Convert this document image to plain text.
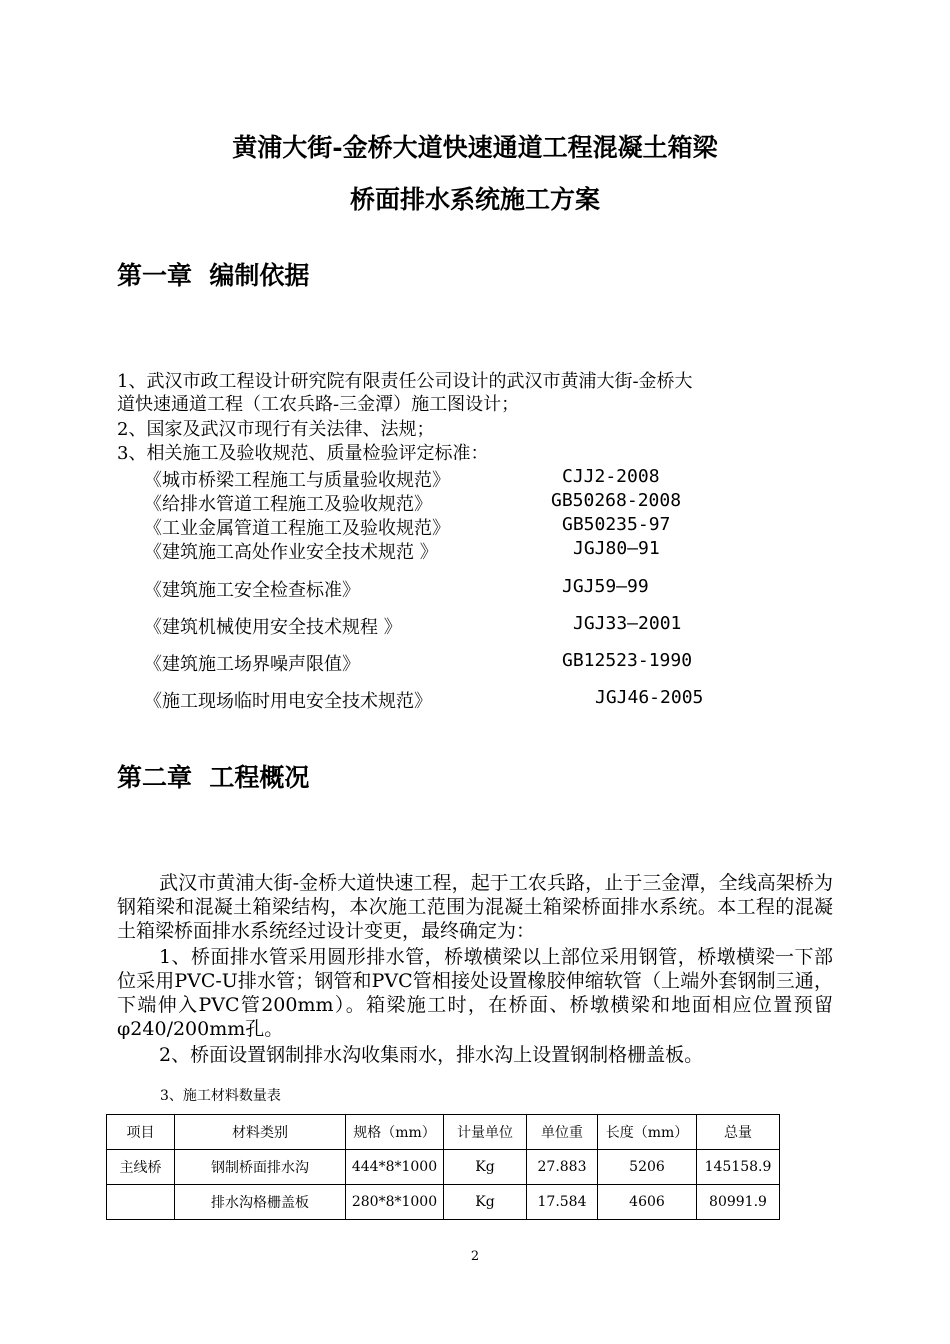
黄浦大街-金桥大道快速通道工程混凝土箱梁
桥面排水系统施工方案
第一章  编制依据
1、武汉市政工程设计研究院有限责任公司设计的武汉市黄浦大街-金桥大
道快速通道工程（工农兵路-三金潭）施工图设计；
2、国家及武汉市现行有关法律、法规；
3、相关施工及验收规范、质量检验评定标准：
《城市桥梁工程施工与质量验收规范》	CJJ2-2008
《给排水管道工程施工及验收规范》	GB50268-2008
《工业金属管道工程施工及验收规范》	GB50235-97
《建筑施工高处作业安全技术规范 》	JGJ80—91
《建筑施工安全检查标准》	JGJ59—99
《建筑机械使用安全技术规程 》	JGJ33—2001
《建筑施工场界噪声限值》	GB12523-1990
《施工现场临时用电安全技术规范》	JGJ46-2005
第二章  工程概况
武汉市黄浦大街-金桥大道快速工程，起于工农兵路，止于三金潭，全线高架桥为钢箱梁和混凝土箱梁结构，本次施工范围为混凝土箱梁桥面排水系统。本工程的混凝土箱梁桥面排水系统经过设计变更，最终确定为：
1、桥面排水管采用圆形排水管，桥墩横梁以上部位采用钢管，桥墩横梁一下部位采用PVC-U排水管；钢管和PVC管相接处设置橡胶伸缩软管（上端外套钢制三通，下端伸入PVC管200mm）。箱梁施工时，在桥面、桥墩横梁和地面相应位置预留φ240/200mm孔。
2、桥面设置钢制排水沟收集雨水，排水沟上设置钢制格栅盖板。
3、施工材料数量表
项目	材料类别	规格（mm）	计量单位	单位重	长度（mm）	总量
主线桥	钢制桥面排水沟	444*8*1000	Kg	27.883	5206	145158.9
	排水沟格栅盖板	280*8*1000	Kg	17.584	4606	80991.9
2
